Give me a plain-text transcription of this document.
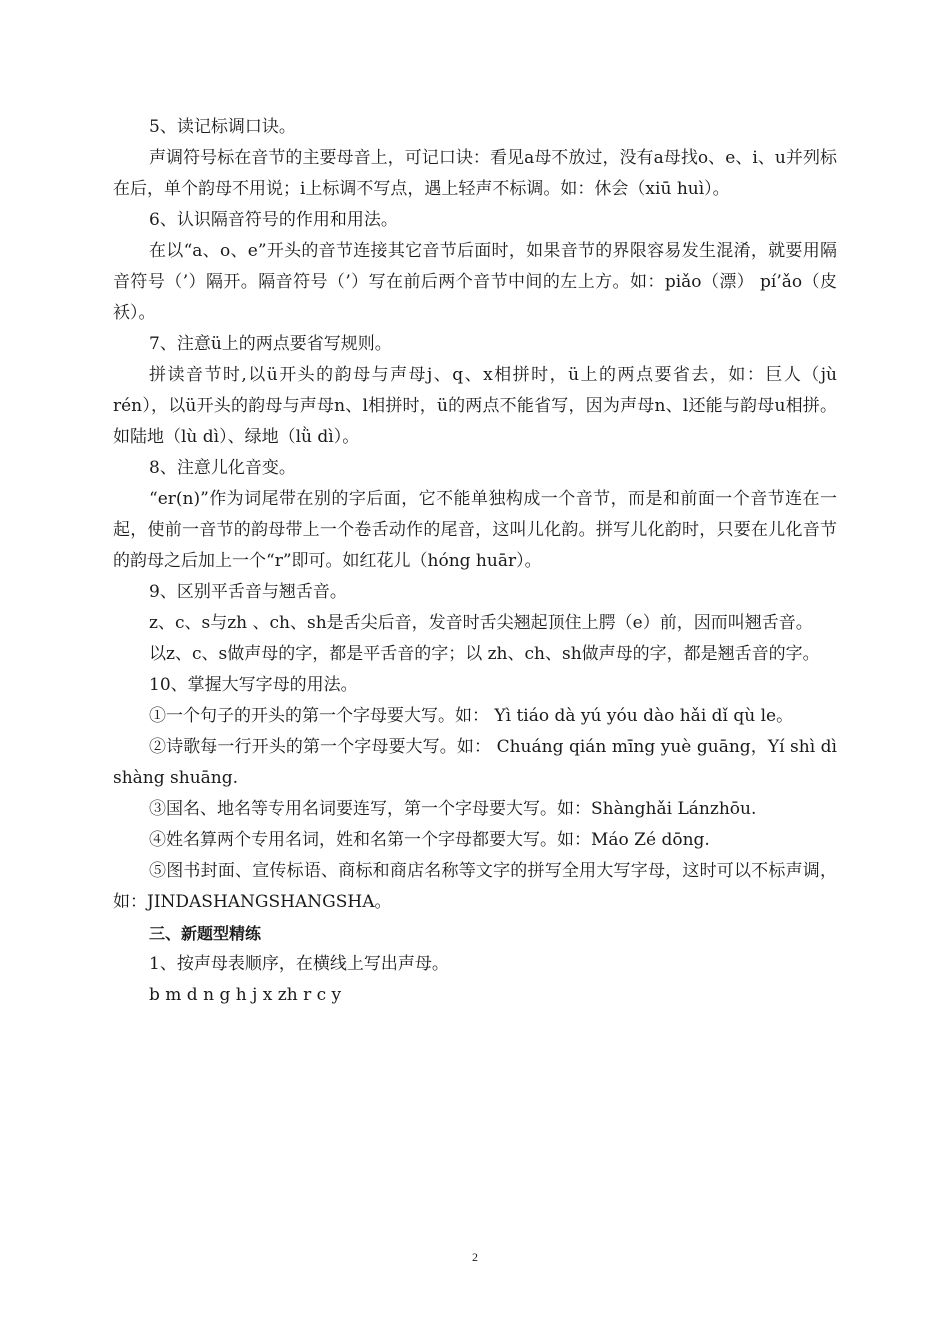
5、读记标调口诀。

声调符号标在音节的主要母音上，可记口诀：看见a母不放过，没有a母找o、e、i、u并列标在后，单个韵母不用说；i上标调不写点，遇上轻声不标调。如：休会（xiū huì）。

6、认识隔音符号的作用和用法。

在以“a、o、e”开头的音节连接其它音节后面时，如果音节的界限容易发生混淆，就要用隔音符号（’）隔开。隔音符号（’）写在前后两个音节中间的左上方。如：piǎo（漂） pí’ǎo（皮袄）。

7、注意ü上的两点要省写规则。

拼读音节时,以ü开头的韵母与声母j、q、x相拼时，ü上的两点要省去，如：巨人（jù rén），以ü开头的韵母与声母n、l相拼时，ü的两点不能省写，因为声母n、l还能与韵母u相拼。如陆地（lù dì）、绿地（lǜ dì）。

8、注意儿化音变。

“er(n)”作为词尾带在别的字后面，它不能单独构成一个音节，而是和前面一个音节连在一起，使前一音节的韵母带上一个卷舌动作的尾音，这叫儿化韵。拼写儿化韵时，只要在儿化音节的韵母之后加上一个“r”即可。如红花儿（hóng huār）。

9、区别平舌音与翘舌音。

z、c、s与zh 、ch、sh是舌尖后音，发音时舌尖翘起顶住上腭（e）前，因而叫翘舌音。

以z、c、s做声母的字，都是平舌音的字；以 zh、ch、sh做声母的字，都是翘舌音的字。

10、掌握大写字母的用法。

①一个句子的开头的第一个字母要大写。如： Yì tiáo dà yú yóu dào hǎi dǐ qù le。

②诗歌每一行开头的第一个字母要大写。如： Chuáng qián mīng yuè guāng，Yí shì dì shàng shuāng.

③国名、地名等专用名词要连写，第一个字母要大写。如：Shànghǎi Lánzhōu.

④姓名算两个专用名词，姓和名第一个字母都要大写。如：Máo Zé dōng.

⑤图书封面、宣传标语、商标和商店名称等文字的拼写全用大写字母，这时可以不标声调，如：JINDASHANGSHANGSHA。

三、新题型精练

1、按声母表顺序，在横线上写出声母。

b m d n g h j x zh r c y

2
